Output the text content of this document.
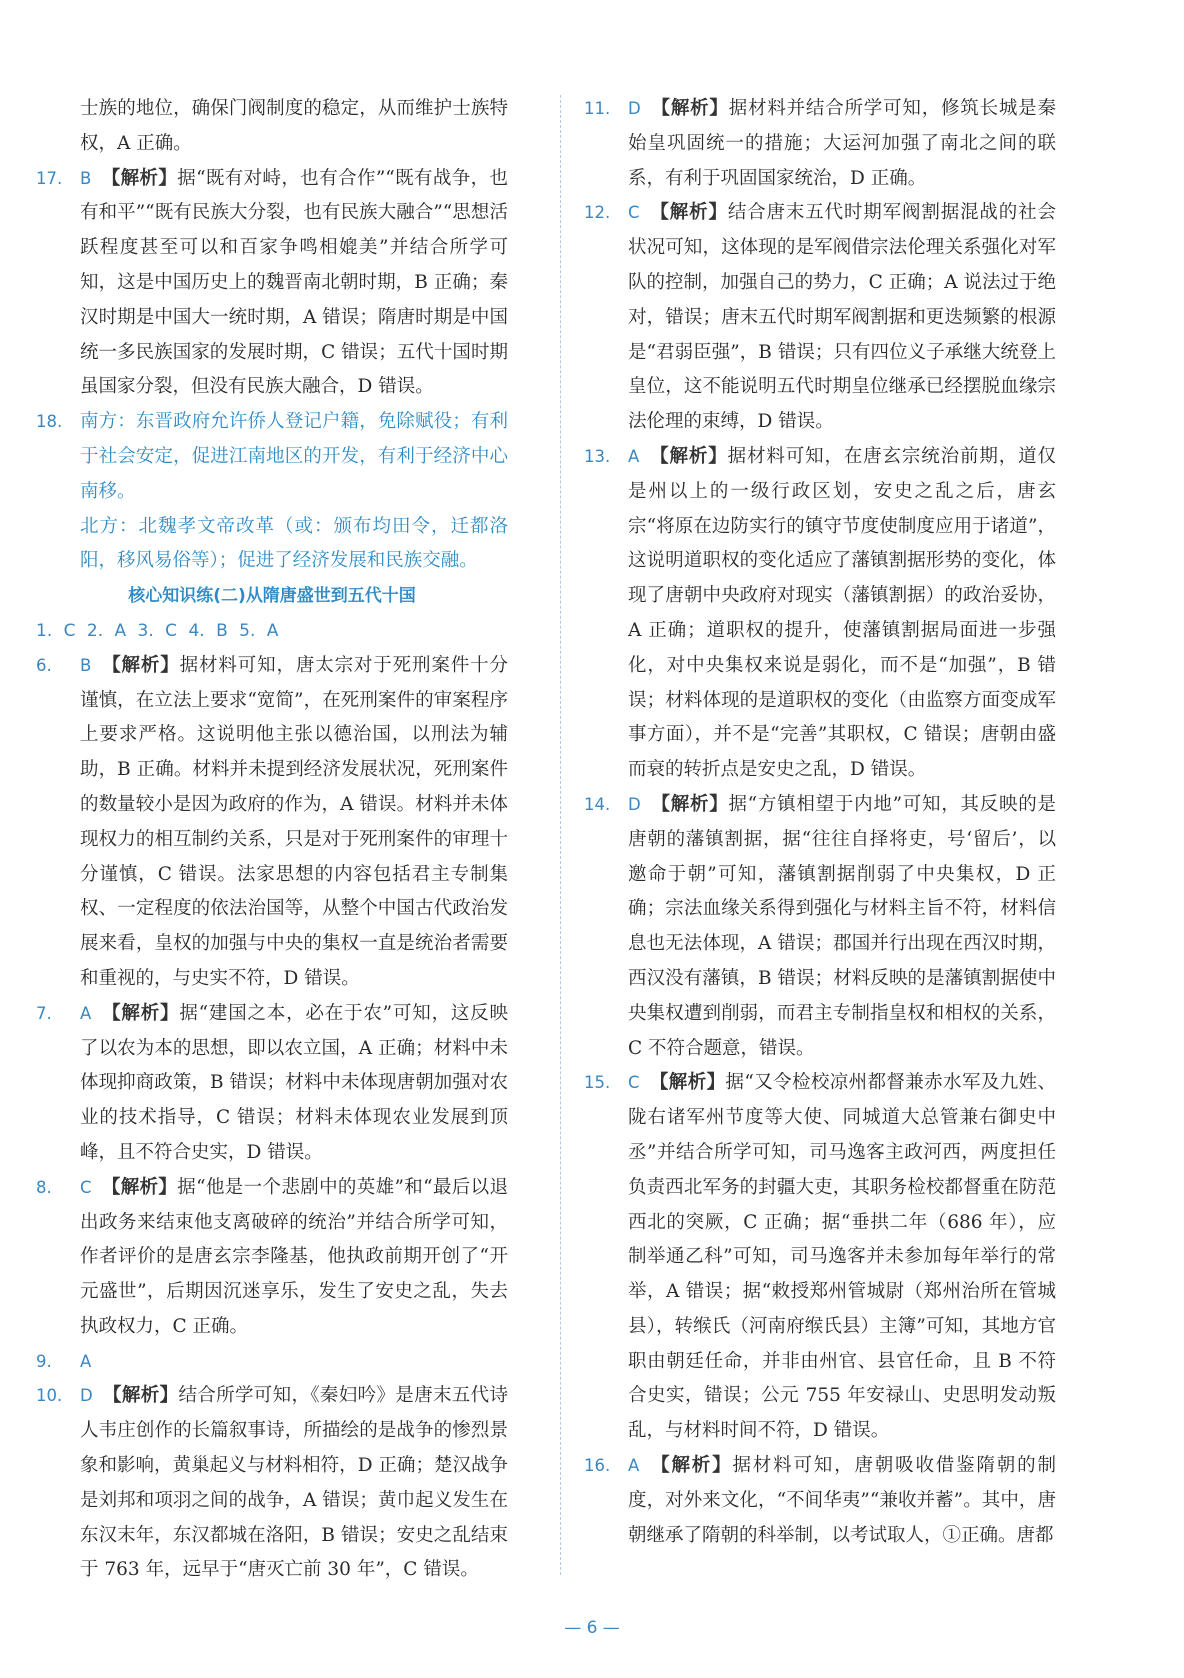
士族的地位，确保门阀制度的稳定，从而维护士族特权，A 正确。
17. B 【解析】据“既有对峙，也有合作”“既有战争，也有和平”“既有民族大分裂，也有民族大融合”“思想活跃程度甚至可以和百家争鸣相媲美”并结合所学可知，这是中国历史上的魏晋南北朝时期，B 正确；秦汉时期是中国大一统时期，A 错误；隋唐时期是中国统一多民族国家的发展时期，C 错误；五代十国时期虽国家分裂，但没有民族大融合，D 错误。
18. 南方：东晋政府允许侨人登记户籍，免除赋役；有利于社会安定，促进江南地区的开发，有利于经济中心南移。
北方：北魏孝文帝改革（或：颁布均田令，迁都洛阳，移风易俗等）；促进了经济发展和民族交融。
核心知识练(二)从隋唐盛世到五代十国
1. C 2. A 3. C 4. B 5. A
6. B 【解析】据材料可知，唐太宗对于死刑案件十分谨慎，在立法上要求“宽简”，在死刑案件的审案程序上要求严格。这说明他主张以德治国，以刑法为辅助，B 正确。材料并未提到经济发展状况，死刑案件的数量较小是因为政府的作为，A 错误。材料并未体现权力的相互制约关系，只是对于死刑案件的审理十分谨慎，C 错误。法家思想的内容包括君主专制集权、一定程度的依法治国等，从整个中国古代政治发展来看，皇权的加强与中央的集权一直是统治者需要和重视的，与史实不符，D 错误。
7. A 【解析】据“建国之本，必在于农”可知，这反映了以农为本的思想，即以农立国，A 正确；材料中未体现抑商政策，B 错误；材料中未体现唐朝加强对农业的技术指导，C 错误；材料未体现农业发展到顶峰，且不符合史实，D 错误。
8. C 【解析】据“他是一个悲剧中的英雄”和“最后以退出政务来结束他支离破碎的统治”并结合所学可知，作者评价的是唐玄宗李隆基，他执政前期开创了“开元盛世”，后期因沉迷享乐，发生了安史之乱，失去执政权力，C 正确。
9. A
10. D 【解析】结合所学可知，《秦妇吟》是唐末五代诗人韦庄创作的长篇叙事诗，所描绘的是战争的惨烈景象和影响，黄巢起义与材料相符，D 正确；楚汉战争是刘邦和项羽之间的战争，A 错误；黄巾起义发生在东汉末年，东汉都城在洛阳，B 错误；安史之乱结束于 763 年，远早于“唐灭亡前 30 年”，C 错误。
11. D 【解析】据材料并结合所学可知，修筑长城是秦始皇巩固统一的措施；大运河加强了南北之间的联系，有利于巩固国家统治，D 正确。
12. C 【解析】结合唐末五代时期军阀割据混战的社会状况可知，这体现的是军阀借宗法伦理关系强化对军队的控制，加强自己的势力，C 正确；A 说法过于绝对，错误；唐末五代时期军阀割据和更迭频繁的根源是“君弱臣强”，B 错误；只有四位义子承继大统登上皇位，这不能说明五代时期皇位继承已经摆脱血缘宗法伦理的束缚，D 错误。
13. A 【解析】据材料可知，在唐玄宗统治前期，道仅是州以上的一级行政区划，安史之乱之后，唐玄宗“将原在边防实行的镇守节度使制度应用于诸道”，这说明道职权的变化适应了藩镇割据形势的变化，体现了唐朝中央政府对现实（藩镇割据）的政治妥协，A 正确；道职权的提升，使藩镇割据局面进一步强化，对中央集权来说是弱化，而不是“加强”，B 错误；材料体现的是道职权的变化（由监察方面变成军事方面），并不是“完善”其职权，C 错误；唐朝由盛而衰的转折点是安史之乱，D 错误。
14. D 【解析】据“方镇相望于内地”可知，其反映的是唐朝的藩镇割据，据“往往自择将吏，号‘留后’，以邀命于朝”可知，藩镇割据削弱了中央集权，D 正确；宗法血缘关系得到强化与材料主旨不符，材料信息也无法体现，A 错误；郡国并行出现在西汉时期，西汉没有藩镇，B 错误；材料反映的是藩镇割据使中央集权遭到削弱，而君主专制指皇权和相权的关系，C 不符合题意，错误。
15. C 【解析】据“又令检校凉州都督兼赤水军及九姓、陇右诸军州节度等大使、同城道大总管兼右御史中丞”并结合所学可知，司马逸客主政河西，两度担任负责西北军务的封疆大吏，其职务检校都督重在防范西北的突厥，C 正确；据“垂拱二年（686 年），应制举通乙科”可知，司马逸客并未参加每年举行的常举，A 错误；据“敕授郑州管城尉（郑州治所在管城县），转缑氏（河南府缑氏县）主簿”可知，其地方官职由朝廷任命，并非由州官、县官任命，且 B 不符合史实，错误；公元 755 年安禄山、史思明发动叛乱，与材料时间不符，D 错误。
16. A 【解析】据材料可知，唐朝吸收借鉴隋朝的制度，对外来文化，“不间华夷”“兼收并蓄”。其中，唐朝继承了隋朝的科举制，以考试取人，①正确。唐都
— 6 —
